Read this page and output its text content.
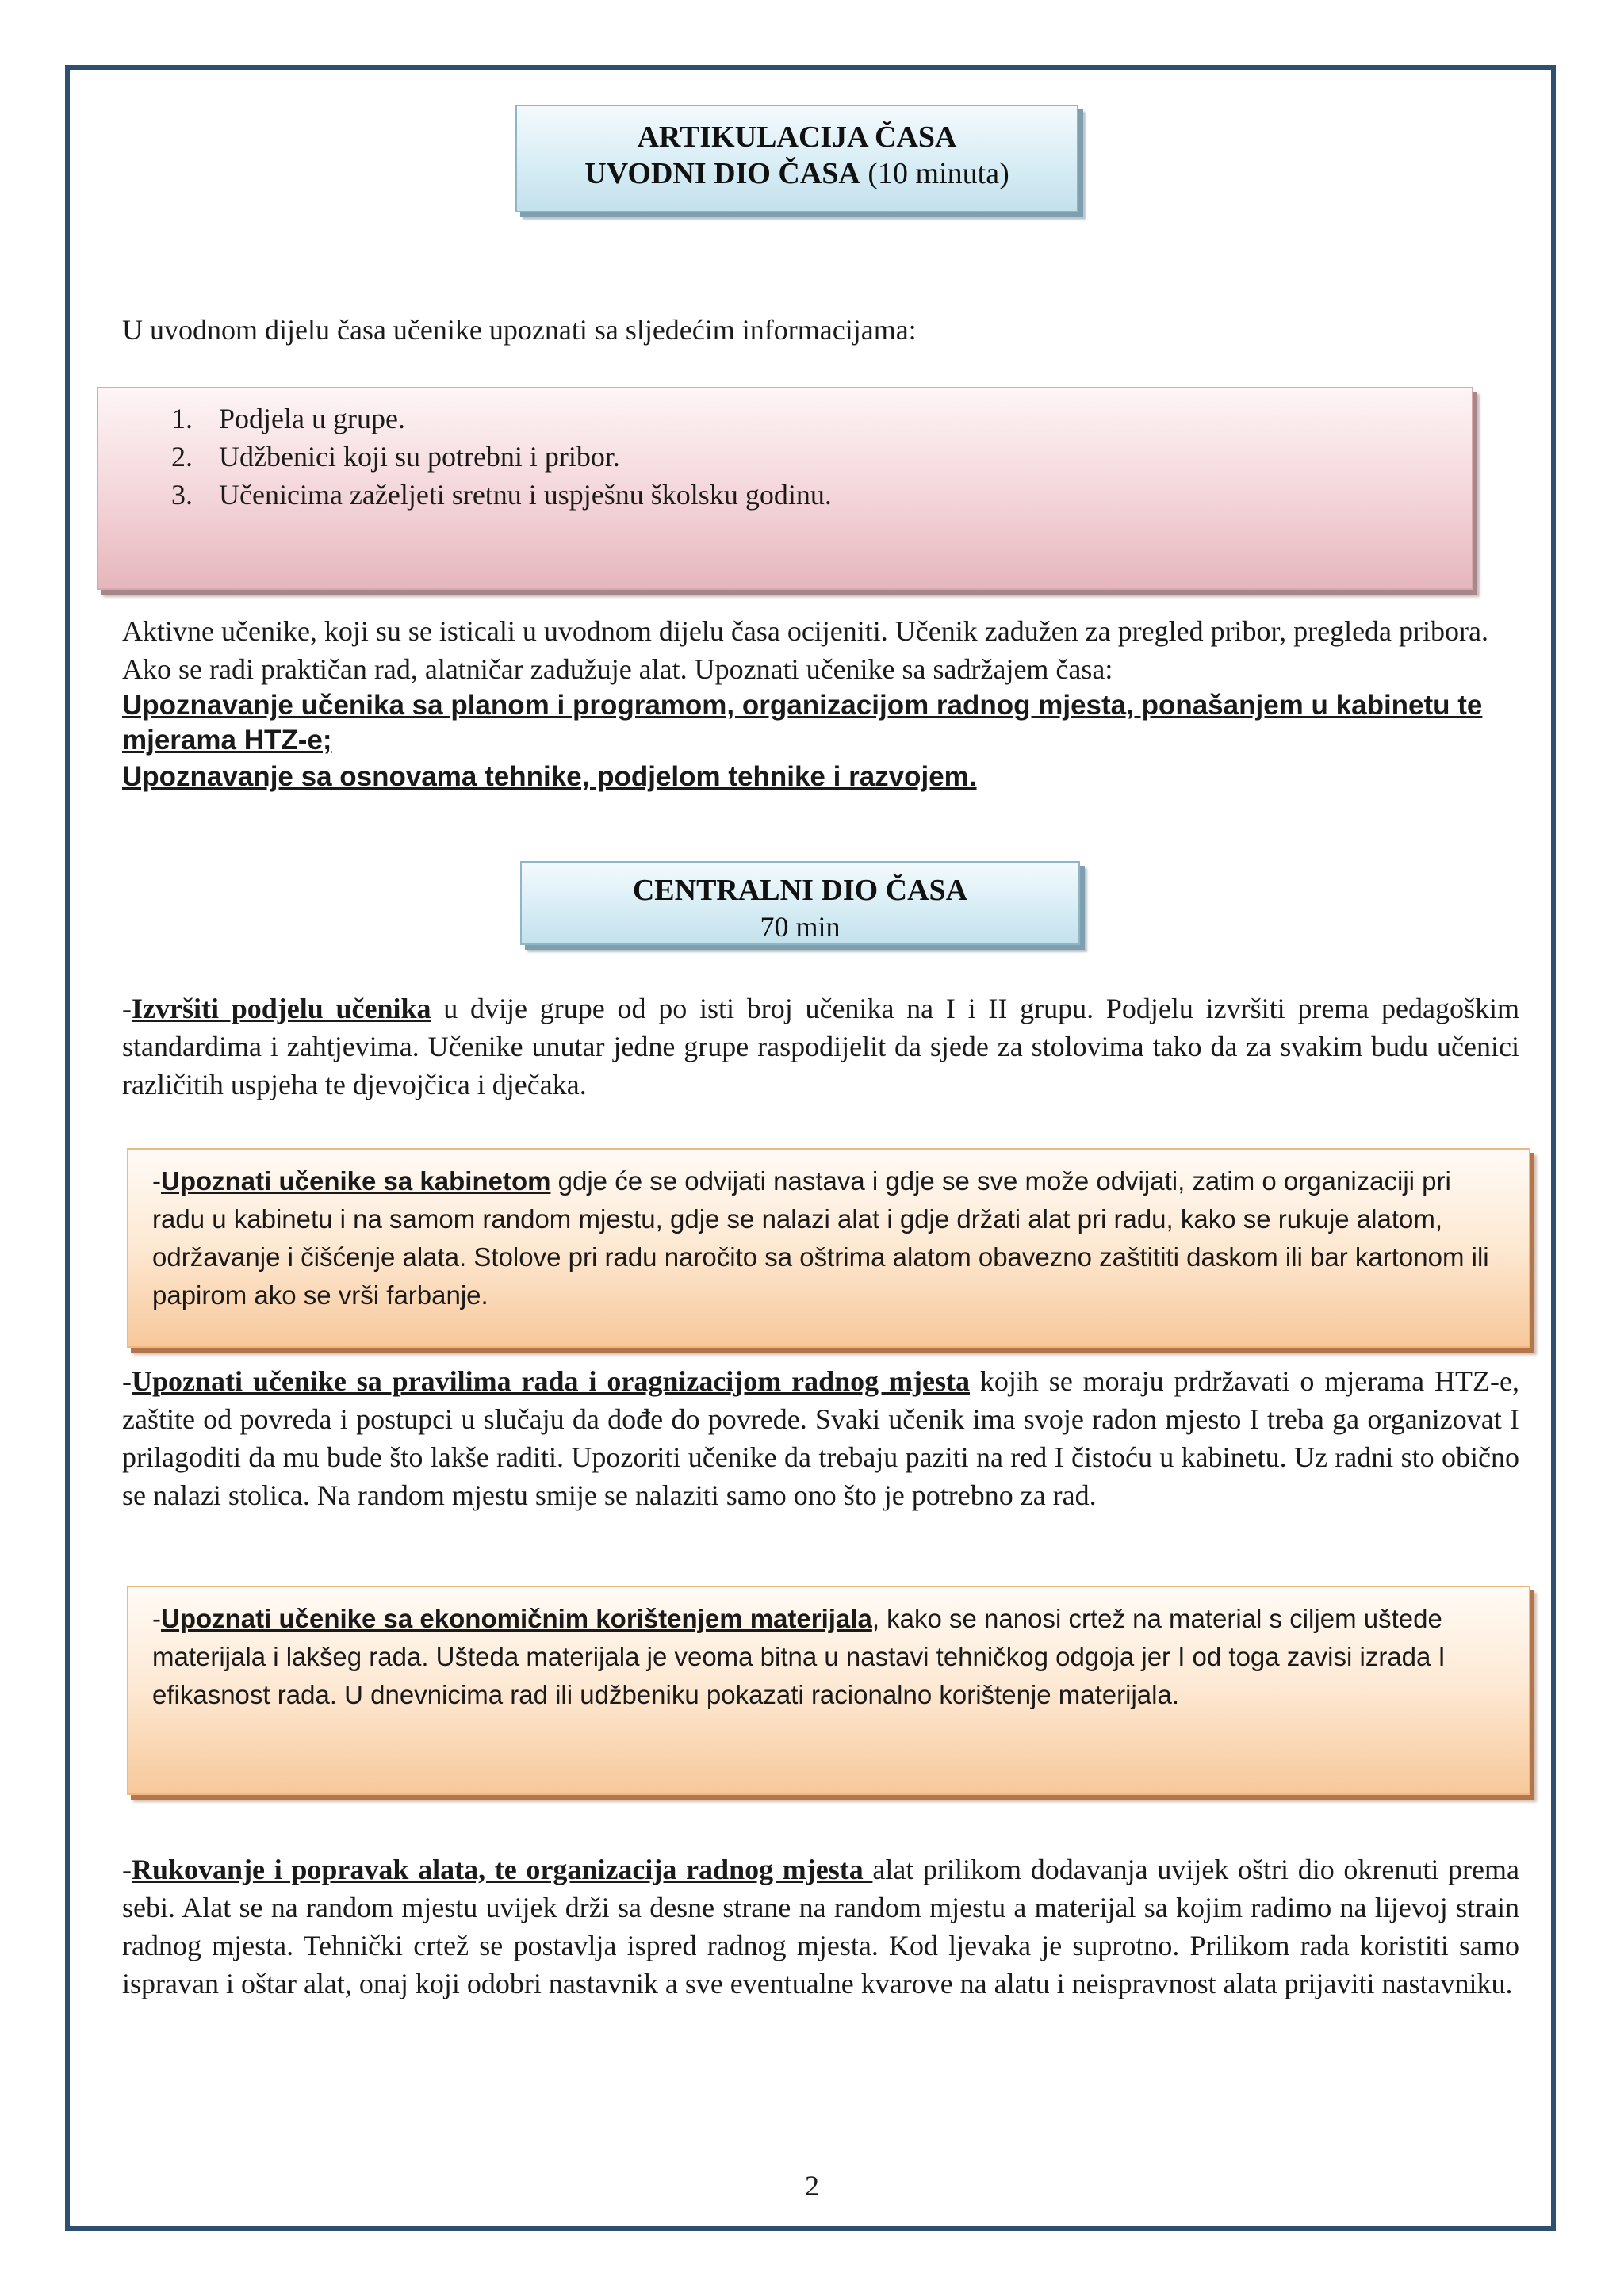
ARTIKULACIJA ČASA
UVODNI DIO ČASA (10 minuta)
U uvodnom dijelu časa učenike upoznati sa sljedećim informacijama:
1. Podjela u grupe.
2. Udžbenici koji su potrebni i pribor.
3. Učenicima zaželjeti sretnu i uspješnu školsku godinu.
Aktivne učenike, koji su se isticali u uvodnom dijelu časa ocijeniti. Učenik zadužen za pregled pribor, pregleda pribora. Ako se radi praktičan rad, alatničar zadužuje alat. Upoznati učenike sa sadržajem časa:
Upoznavanje učenika sa planom i programom, organizacijom radnog mjesta, ponašanjem u kabinetu te mjerama HTZ-e;
Upoznavanje sa osnovama tehnike, podjelom tehnike i razvojem.
CENTRALNI DIO ČASA
70 min
-Izvršiti podjelu učenika u dvije grupe od po isti broj učenika na I i II grupu. Podjelu izvršiti prema pedagoškim standardima i zahtjevima. Učenike unutar jedne grupe raspodijelit da sjede za stolovima tako da za svakim budu učenici različitih uspjeha te djevojčica i dječaka.
-Upoznati učenike sa kabinetom gdje će se odvijati nastava i gdje se sve može odvijati, zatim o organizaciji pri radu u kabinetu i na samom random mjestu, gdje se nalazi alat i gdje držati alat pri radu, kako se rukuje alatom, održavanje i čišćenje alata. Stolove pri radu naročito sa oštrima alatom obavezno zaštititi daskom ili bar kartonom ili papirom ako se vrši farbanje.
-Upoznati učenike sa pravilima rada i oragnizacijom radnog mjesta kojih se moraju prdržavati o mjerama HTZ-e, zaštite od povreda i postupci u slučaju da dođe do povrede. Svaki učenik ima svoje radon mjesto I treba ga organizovat I prilagoditi da mu bude što lakše raditi. Upozoriti učenike da trebaju paziti na red I čistoću u kabinetu. Uz radni sto obično se nalazi stolica. Na random mjestu smije se nalaziti samo ono što je potrebno za rad.
-Upoznati učenike sa ekonomičnim korištenjem materijala, kako se nanosi crtež na material s ciljem uštede materijala i lakšeg rada. Ušteda materijala je veoma bitna u nastavi tehničkog odgoja jer I od toga zavisi izrada I efikasnost rada. U dnevnicima rad ili udžbeniku pokazati racionalno korištenje materijala.
-Rukovanje i popravak alata, te organizacija radnog mjesta alat prilikom dodavanja uvijek oštri dio okrenuti prema sebi. Alat se na random mjestu uvijek drži sa desne strane na random mjestu a materijal sa kojim radimo na lijevoj strain radnog mjesta. Tehnički crtež se postavlja ispred radnog mjesta. Kod ljevaka je suprotno. Prilikom rada koristiti samo ispravan i oštar alat, onaj koji odobri nastavnik a sve eventualne kvarove na alatu i neispravnost alata prijaviti nastavniku.
2
